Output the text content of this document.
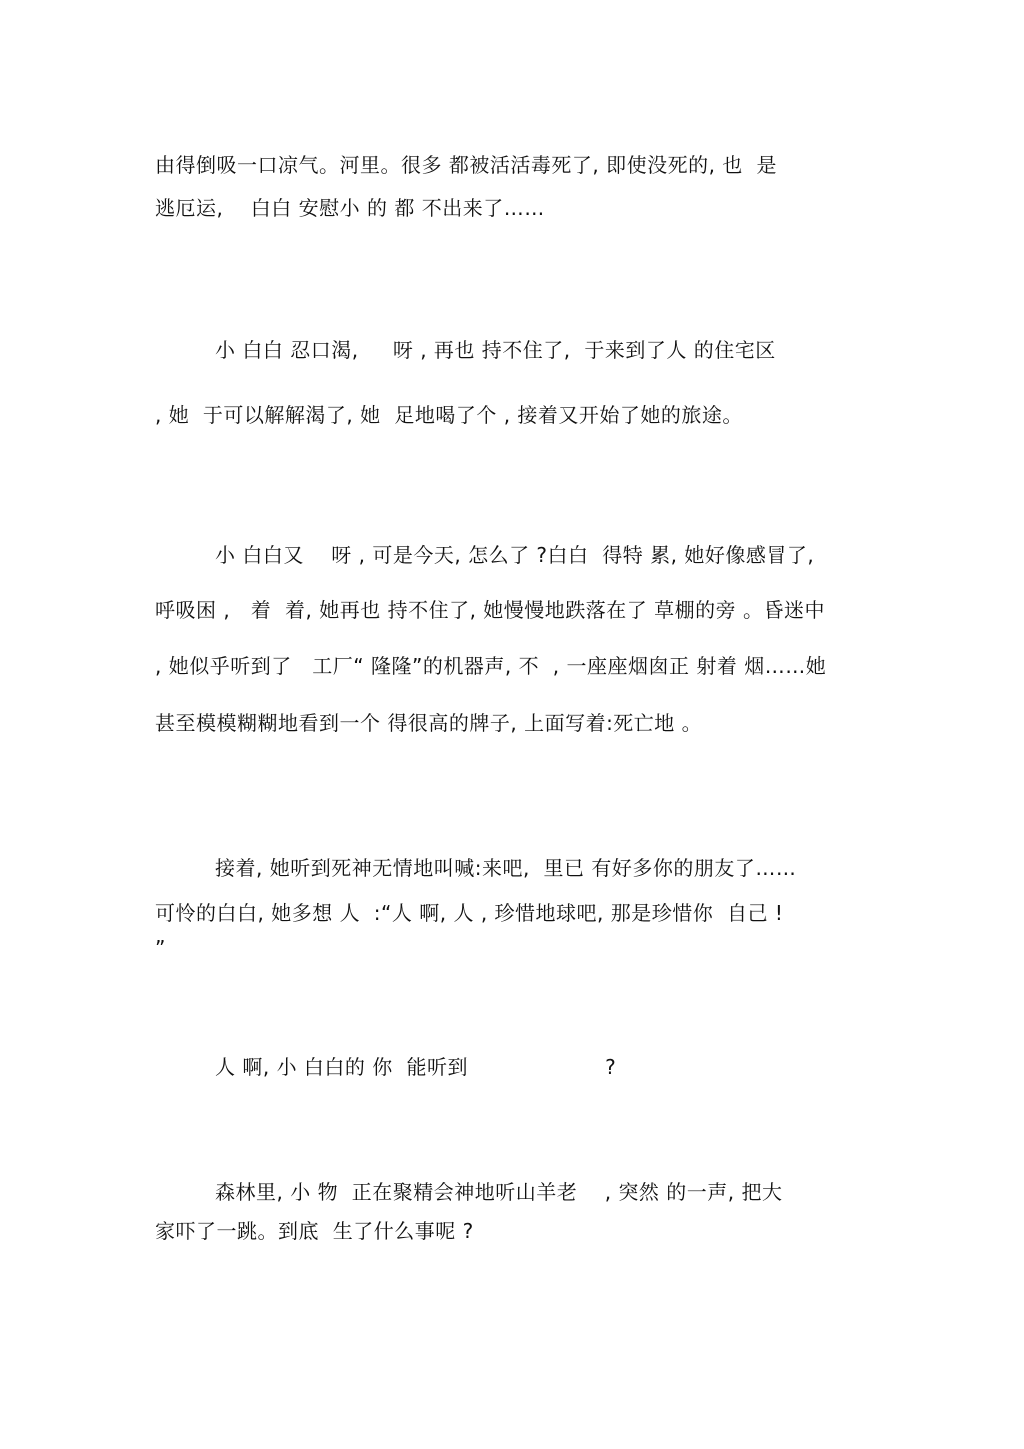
由得倒吸一口凉气。河里。很多 都被活活毒死了, 即使没死的, 也  是
逃厄运,    白白 安慰小 的 都 不出来了……
小 白白 忍口渴,     呀 , 再也 持不住了,  于来到了人 的住宅区
, 她  于可以解解渴了, 她  足地喝了个 , 接着又开始了她的旅途。
小 白白又    呀 , 可是今天, 怎么了 ?白白  得特 累, 她好像感冒了,
呼吸困 ,   着  着, 她再也 持不住了, 她慢慢地跌落在了 草棚的旁 。昏迷中
, 她似乎听到了   工厂“ 隆隆”的机器声, 不  , 一座座烟囱正 射着 烟……她
甚至模模糊糊地看到一个 得很高的牌子, 上面写着:死亡地 。
接着, 她听到死神无情地叫喊:来吧,  里已 有好多你的朋友了……
可怜的白白, 她多想 人  :“人 啊, 人 , 珍惜地球吧, 那是珍惜你  自己 !
”
人 啊, 小 白白的 你  能听到                    ?
森林里, 小 物  正在聚精会神地听山羊老    , 突然 的一声, 把大
家吓了一跳。到底  生了什么事呢 ?
